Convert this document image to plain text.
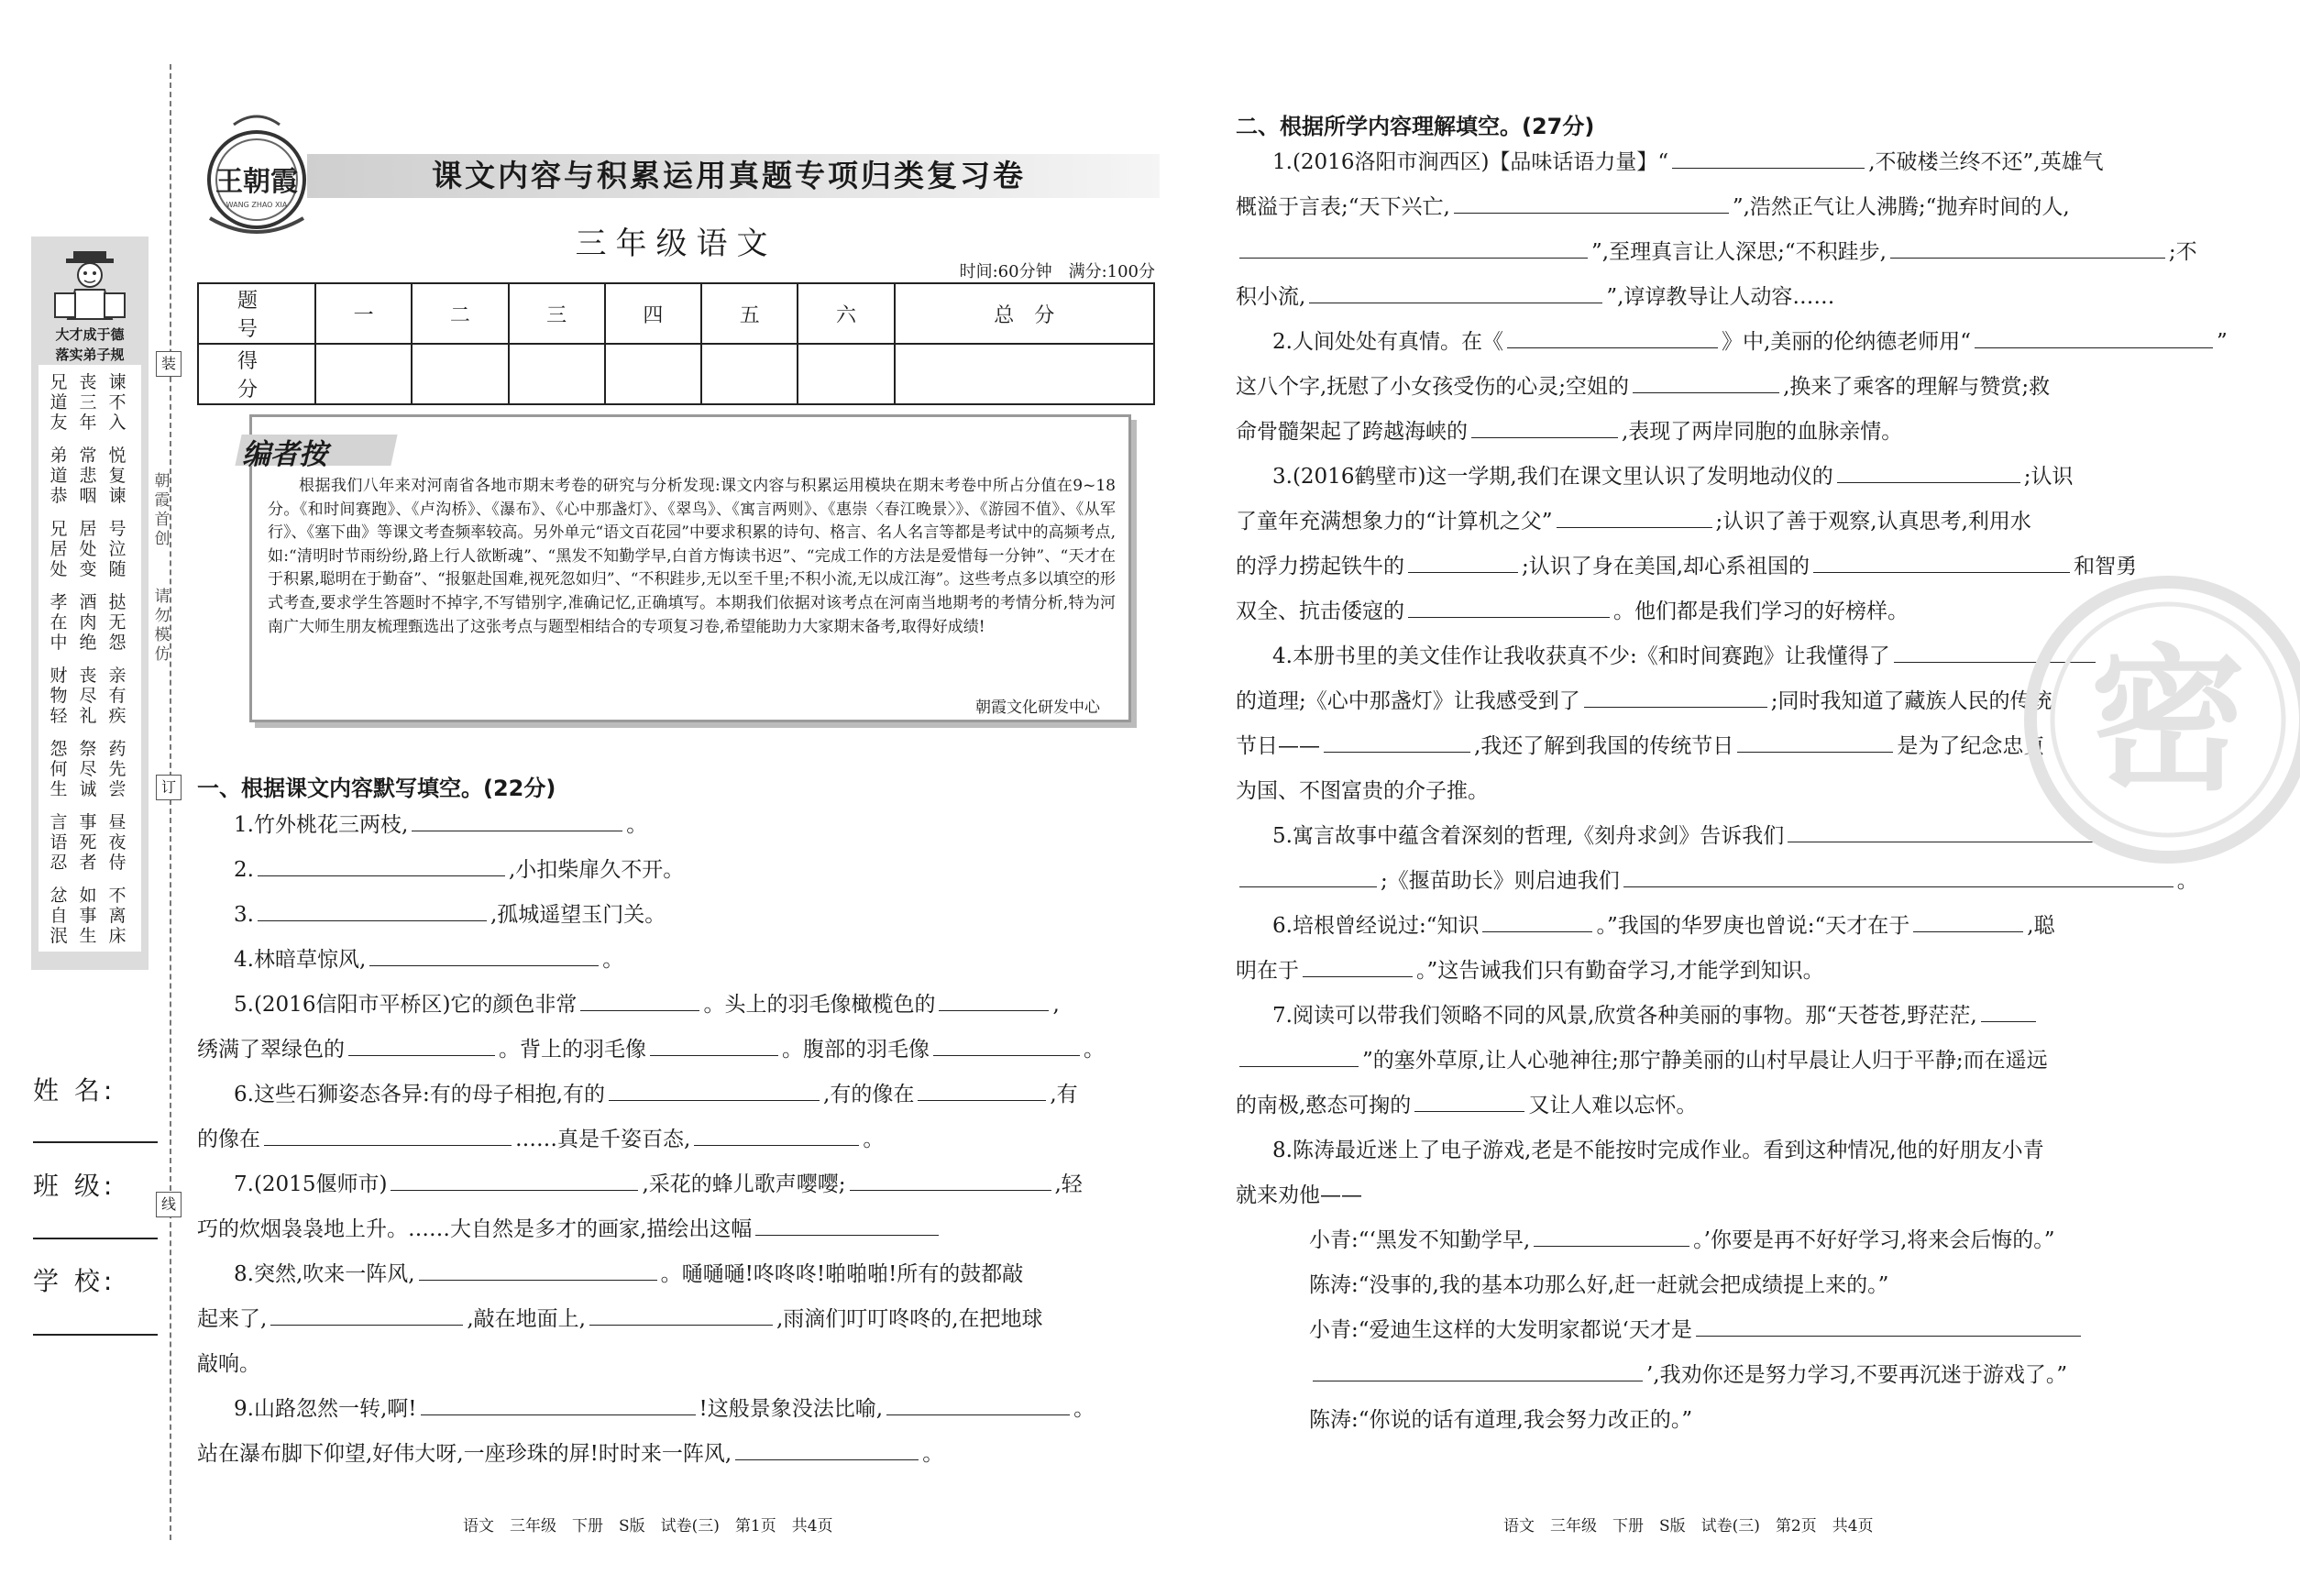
大才成于德
落实弟子规
兄
道
友
丧
三
年
谏
不
入
弟
道
恭
常
悲
咽
悦
复
谏
兄
居
处
居
处
变
号
泣
随
孝
在
中
酒
肉
绝
挞
无
怨
财
物
轻
丧
尽
礼
亲
有
疾
怨
何
生
祭
尽
诚
药
先
尝
言
语
忍
事
死
者
昼
夜
侍
忿
自
泯
如
事
生
不
离
床
姓 名:
班 级:
学 校:
装
订
线
朝
霞
首
创

请
勿
模
仿
王朝霞
WANG ZHAO XIA
课文内容与积累运用真题专项归类复习卷
三年级语文
时间:60分钟　满分:100分
题　号	一	二	三	四	五	六	总　分
得　分							
编者按
根据我们八年来对河南省各地市期末考卷的研究与分析发现:课文内容与积累运用模块在期末考卷中所占分值在9~18分。《和时间赛跑》、《卢沟桥》、《瀑布》、《心中那盏灯》、《翠鸟》、《寓言两则》、《惠崇〈春江晚景〉》、《游园不值》、《从军行》、《塞下曲》等课文考查频率较高。另外单元“语文百花园”中要求积累的诗句、格言、名人名言等都是考试中的高频考点,如:“清明时节雨纷纷,路上行人欲断魂”、“黑发不知勤学早,白首方悔读书迟”、“完成工作的方法是爱惜每一分钟”、“天才在于积累,聪明在于勤奋”、“报躯赴国难,视死忽如归”、“不积跬步,无以至千里;不积小流,无以成江海”。这些考点多以填空的形式考查,要求学生答题时不掉字,不写错别字,准确记忆,正确填写。本期我们依据对该考点在河南当地期考的考情分析,特为河南广大师生朋友梳理甄选出了这张考点与题型相结合的专项复习卷,希望能助力大家期末备考,取得好成绩!
朝霞文化研发中心
一、根据课文内容默写填空。(22分)
1.竹外桃花三两枝,	。
2.	,小扣柴扉久不开。
3.	,孤城遥望玉门关。
4.林暗草惊风,	。
5.(2016信阳市平桥区)它的颜色非常	。头上的羽毛像橄榄色的	,
绣满了翠绿色的	。背上的羽毛像	。腹部的羽毛像	。
6.这些石狮姿态各异:有的母子相抱,有的	,有的像在	,有
的像在	……真是千姿百态,	。
7.(2015偃师市)	,采花的蜂儿歌声嘤嘤;	,轻
巧的炊烟袅袅地上升。……大自然是多才的画家,描绘出这幅
8.突然,吹来一阵风,	。嗵嗵嗵!咚咚咚!啪啪啪!所有的鼓都敲
起来了,	,敲在地面上,	,雨滴们叮叮咚咚的,在把地球
敲响。
9.山路忽然一转,啊!	!这般景象没法比喻,	。
站在瀑布脚下仰望,好伟大呀,一座珍珠的屏!时时来一阵风,	。
二、根据所学内容理解填空。(27分)
1.(2016洛阳市涧西区)【品味话语力量】“	,不破楼兰终不还”,英雄气
概溢于言表;“天下兴亡,	”,浩然正气让人沸腾;“抛弃时间的人,
”,至理真言让人深思;“不积跬步,	;不
积小流,	”,谆谆教导让人动容……
2.人间处处有真情。在《	》中,美丽的伦纳德老师用“	”
这八个字,抚慰了小女孩受伤的心灵;空姐的	,换来了乘客的理解与赞赏;救
命骨髓架起了跨越海峡的	,表现了两岸同胞的血脉亲情。
3.(2016鹤壁市)这一学期,我们在课文里认识了发明地动仪的	;认识
了童年充满想象力的“计算机之父”	;认识了善于观察,认真思考,利用水
的浮力捞起铁牛的	;认识了身在美国,却心系祖国的	和智勇
双全、抗击倭寇的	。他们都是我们学习的好榜样。
4.本册书里的美文佳作让我收获真不少:《和时间赛跑》让我懂得了
的道理;《心中那盏灯》让我感受到了	;同时我知道了藏族人民的传统
节日——	,我还了解到我国的传统节日	是为了纪念忠贞
为国、不图富贵的介子推。
5.寓言故事中蕴含着深刻的哲理,《刻舟求剑》告诉我们
;《揠苗助长》则启迪我们	。
6.培根曾经说过:“知识	。”我国的华罗庚也曾说:“天才在于	,聪
明在于	。”这告诫我们只有勤奋学习,才能学到知识。
7.阅读可以带我们领略不同的风景,欣赏各种美丽的事物。那“天苍苍,野茫茫,
”的塞外草原,让人心驰神往;那宁静美丽的山村早晨让人归于平静;而在遥远
的南极,憨态可掬的	又让人难以忘怀。
8.陈涛最近迷上了电子游戏,老是不能按时完成作业。看到这种情况,他的好朋友小青
就来劝他——
小青:“‘黑发不知勤学早,	。’你要是再不好好学习,将来会后悔的。”
陈涛:“没事的,我的基本功那么好,赶一赶就会把成绩提上来的。”
小青:“爱迪生这样的大发明家都说‘天才是
’,我劝你还是努力学习,不要再沉迷于游戏了。”
陈涛:“你说的话有道理,我会努力改正的。”
密
语文　三年级　下册　S版　试卷(三)　第1页　共4页	语文　三年级　下册　S版　试卷(三)　第2页　共4页
